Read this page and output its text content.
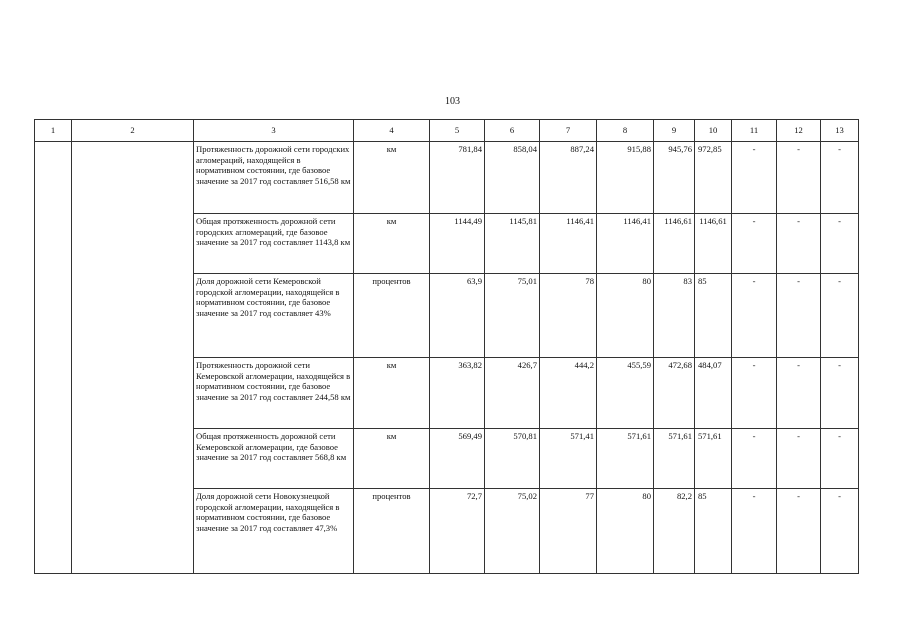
103
1	2	3	4	5	6	7	8	9	10	11	12	13
		Протяженность дорожной сети городских агломераций, находящейся в нормативном состоянии, где базовое значение за 2017 год составляет 516,58 км	км	781,84	858,04	887,24	915,88	945,76	972,85	-	-	-
		Общая протяженность дорожной сети городских агломераций, где базовое значение за 2017 год составляет 1143,8 км	км	1144,49	1145,81	1146,41	1146,41	1146,61	1146,61	-	-	-
		Доля дорожной сети Кемеровской городской агломерации, находящейся в нормативном состоянии, где базовое значение за 2017 год составляет 43%	процентов	63,9	75,01	78	80	83	85	-	-	-
		Протяженность дорожной сети Кемеровской агломерации, находящейся в нормативном состоянии, где базовое значение за 2017 год составляет 244,58 км	км	363,82	426,7	444,2	455,59	472,68	484,07	-	-	-
		Общая протяженность дорожной сети Кемеровской агломерации, где базовое значение за 2017 год составляет 568,8 км	км	569,49	570,81	571,41	571,61	571,61	571,61	-	-	-
		Доля дорожной сети Новокузнецкой городской агломерации, находящейся в нормативном состоянии, где базовое значение за 2017 год составляет 47,3%	процентов	72,7	75,02	77	80	82,2	85	-	-	-
